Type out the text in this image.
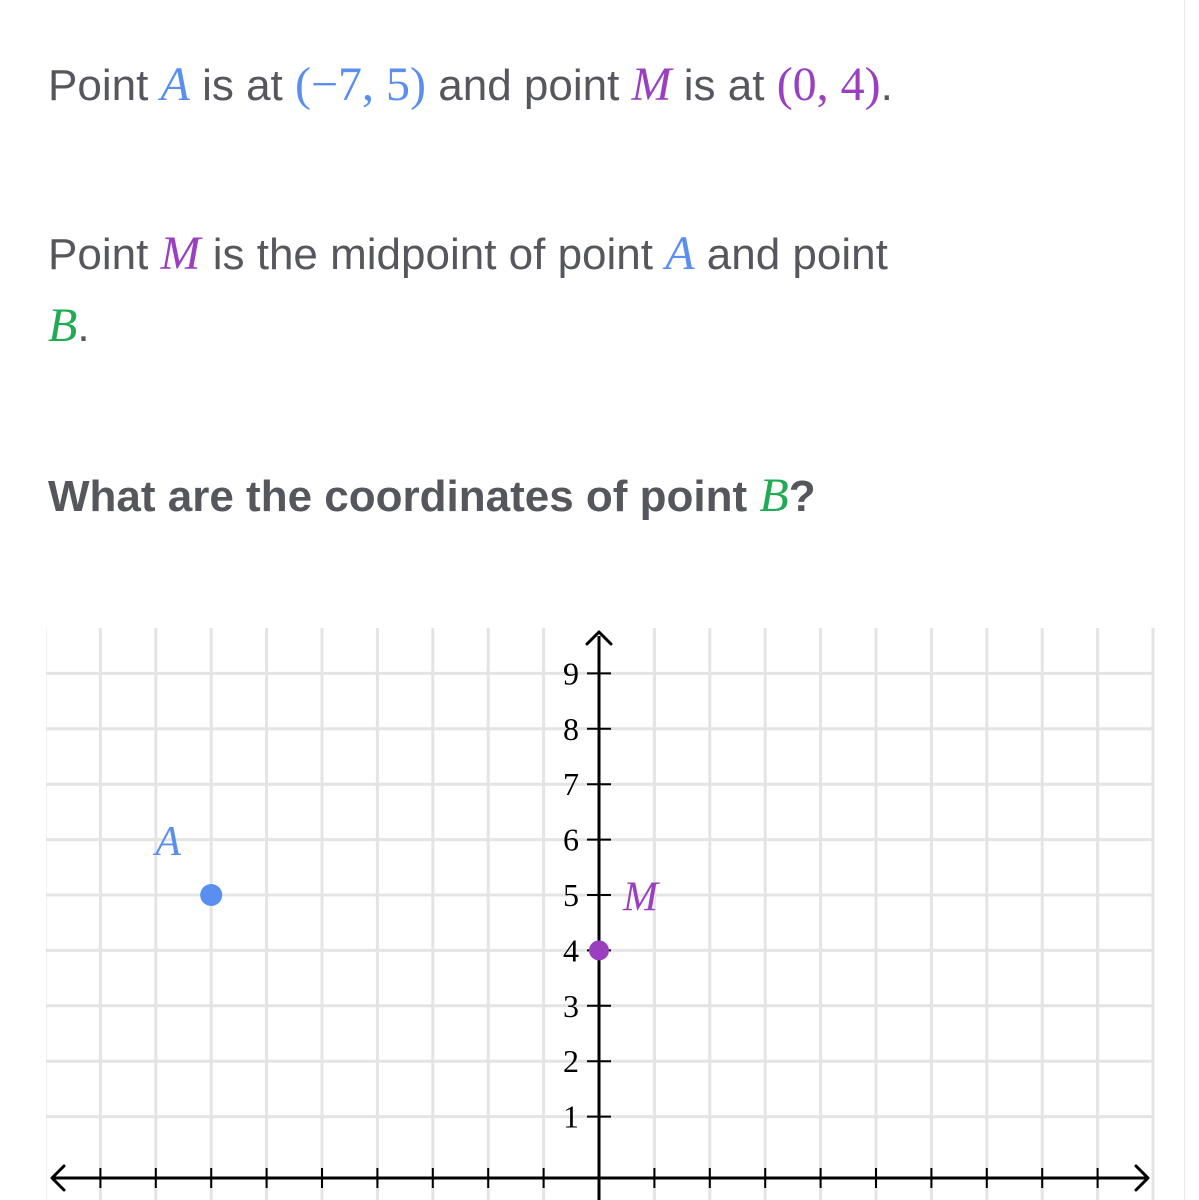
Point A is at (−7, 5) and point M is at (0, 4).
Point M is the midpoint of point A and point
B.
What are the coordinates of point B?
1
2
3
4
5
6
7
8
9
A
M
